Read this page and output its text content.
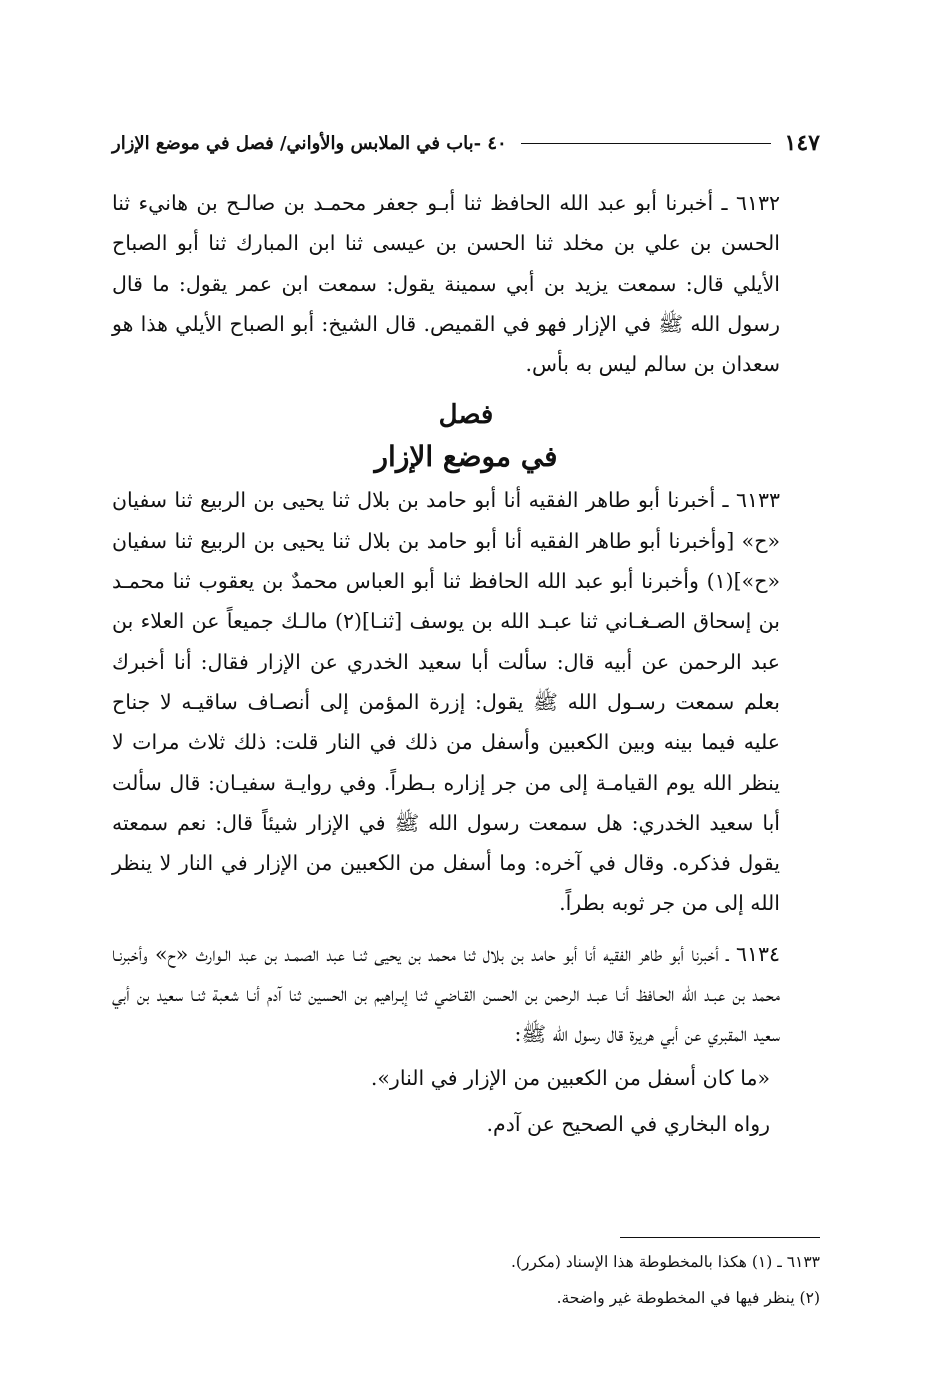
٤٠ -باب في الملابس والأواني/ فصل في موضع الإزار	١٤٧

٦١٣٢ ـ أخبرنا أبو عبد الله الحافظ ثنا أبـو جعفر محمـد بن صالـح بن هانيء ثنا الحسن بن علي بن مخلد ثنا الحسن بن عيسى ثنا ابن المبارك ثنا أبو الصباح الأيلي قال: سمعت يزيد بن أبي سمينة يقول: سمعت ابن عمر يقول: ما قال رسول الله ﷺ في الإزار فهو في القميص. قال الشيخ: أبو الصباح الأيلي هذا هو سعدان بن سالم ليس به بأس.

فصل
في موضع الإزار

٦١٣٣ ـ أخبرنا أبو طاهر الفقيه أنا أبو حامد بن بلال ثنا يحيى بن الربيع ثنا سفيان «ح» [وأخبرنا أبو طاهر الفقيه أنا أبو حامد بن بلال ثنا يحيى بن الربيع ثنا سفيان «ح»](١) وأخبرنا أبو عبد الله الحافظ ثنا أبو العباس محمدٌ بن يعقوب ثنا محمـد بن إسحاق الصـغـاني ثنا عبـد الله بن يوسف [ثنـا](٢) مالـك جميعاً عن العلاء بن عبد الرحمن عن أبيه قال: سألت أبا سعيد الخدري عن الإزار فقال: أنا أخبرك بعلم سمعت رسـول الله ﷺ يقول: إزرة المؤمن إلى أنصـاف ساقيـه لا جناح عليه فيما بينه وبين الكعبين وأسفل من ذلك في النار قلت: ذلك ثلاث مرات لا ينظر الله يوم القيامـة إلى من جر إزاره بـطراً. وفي روايـة سفيـان: قال سألت أبا سعيد الخدري: هل سمعت رسول الله ﷺ في الإزار شيئاً قال: نعم سمعته يقول فذكره. وقال في آخره: وما أسفل من الكعبين من الإزار في النار لا ينظر الله إلى من جر ثوبه بطراً.

٦١٣٤ ـ أخبرنا أبو طاهر الفقيه أنا أبو حامد بن بلال ثنا محمد بن يحيى ثنـا عبد الصمـد بن عبد الـوارث «ح» وأخبرنـا محمد بن عبـد الله الحـافظ أنـا عبـد الرحمن بن الحسن القـاضي ثنا إبـراهيم بن الحسين ثنا آدم أنـا شعبة ثنـا سعيد بن أبي سعيد المقبري عن أبي هريرة قال رسول الله ﷺ:

«ما كان أسفل من الكعبين من الإزار في النار».

رواه البخاري في الصحيح عن آدم.

٦١٣٣ ـ (١) هكذا بالمخطوطة هذا الإسناد (مكرر).

(٢) ينظر فيها في المخطوطة غير واضحة.
